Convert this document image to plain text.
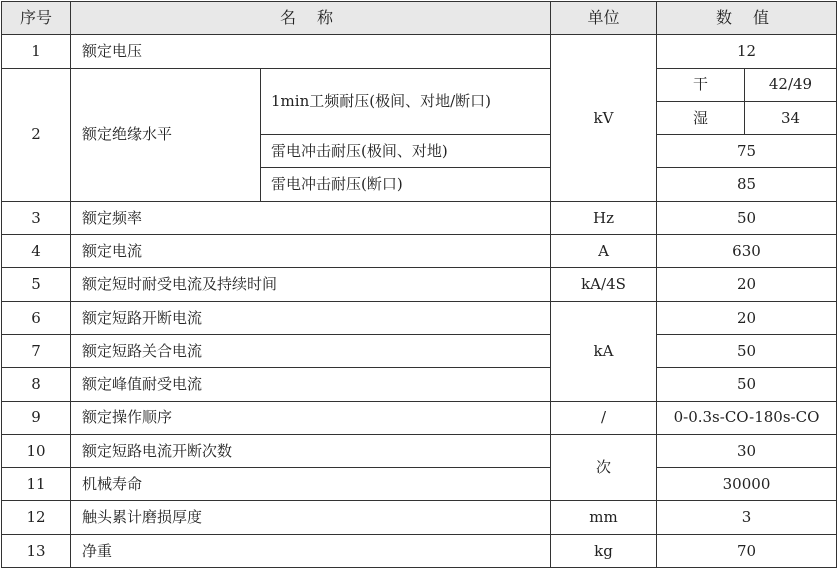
序号	名 称		单位	数 值	
1	额定电压		kV	12	
2	额定绝缘水平	1min工频耐压(极间、对地/断口)		干	42/49
				湿	34
		雷电冲击耐压(极间、对地)		75	
		雷电冲击耐压(断口)		85	
3	额定频率		Hz	50	
4	额定电流		A	630	
5	额定短时耐受电流及持续时间		kA/4S	20	
6	额定短路开断电流		kA	20	
7	额定短路关合电流			50	
8	额定峰值耐受电流			50	
9	额定操作顺序		/	0-0.3s-CO-180s-CO	
10	额定短路电流开断次数		次	30	
11	机械寿命			30000	
12	触头累计磨损厚度		mm	3	
13	净重		kg	70	
